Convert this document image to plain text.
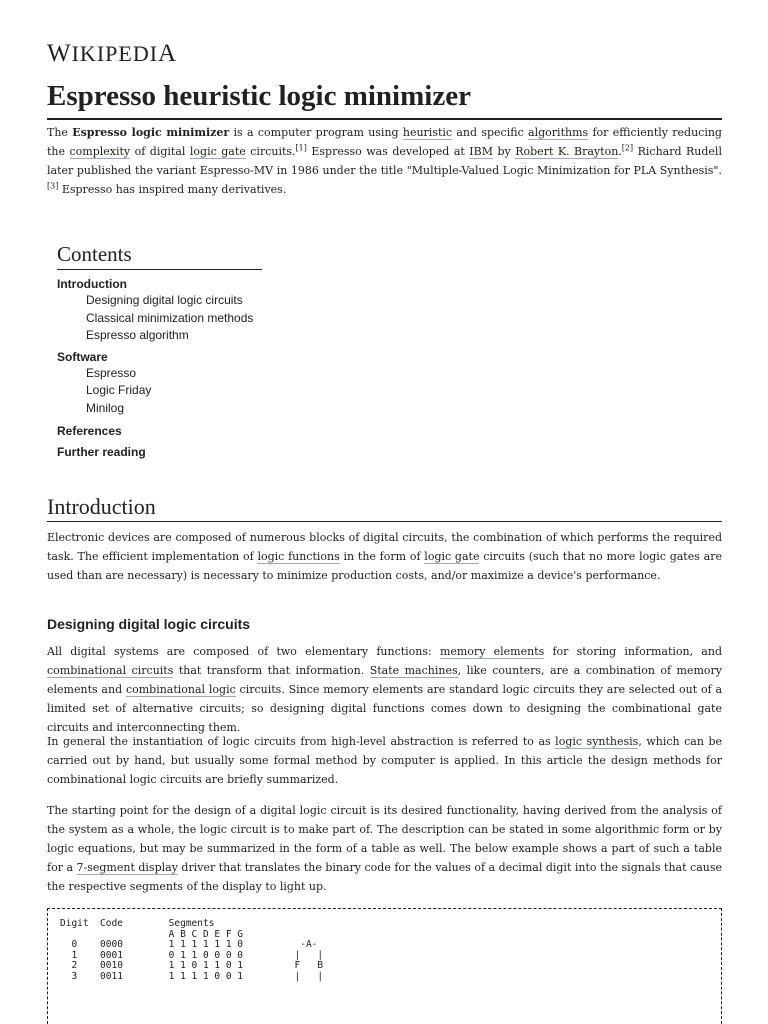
WIKIPEDIA
Espresso heuristic logic minimizer

The Espresso logic minimizer is a computer program using heuristic and specific algorithms for efficiently reducing the complexity of digital logic gate circuits.[1] Espresso was developed at IBM by Robert K. Brayton.[2] Richard Rudell later published the variant Espresso-MV in 1986 under the title "Multiple-Valued Logic Minimization for PLA Synthesis".[3] Espresso has inspired many derivatives.

Contents
Introduction
Designing digital logic circuits
Classical minimization methods
Espresso algorithm
Software
Espresso
Logic Friday
Minilog
References
Further reading
Introduction

Electronic devices are composed of numerous blocks of digital circuits, the combination of which performs the required task. The efficient implementation of logic functions in the form of logic gate circuits (such that no more logic gates are used than are necessary) is necessary to minimize production costs, and/or maximize a device's performance.

Designing digital logic circuits

All digital systems are composed of two elementary functions: memory elements for storing information, and combinational circuits that transform that information. State machines, like counters, are a combination of memory elements and combinational logic circuits. Since memory elements are standard logic circuits they are selected out of a limited set of alternative circuits; so designing digital functions comes down to designing the combinational gate circuits and interconnecting them.

In general the instantiation of logic circuits from high-level abstraction is referred to as logic synthesis, which can be carried out by hand, but usually some formal method by computer is applied. In this article the design methods for combinational logic circuits are briefly summarized.

The starting point for the design of a digital logic circuit is its desired functionality, having derived from the analysis of the system as a whole, the logic circuit is to make part of. The description can be stated in some algorithmic form or by logic equations, but may be summarized in the form of a table as well. The below example shows a part of such a table for a 7-segment display driver that translates the binary code for the values of a decimal digit into the signals that cause the respective segments of the display to light up.

Digit  Code        Segments
A B C D E F G
0    0000        1 1 1 1 1 1 0          -A-
1    0001        0 1 1 0 0 0 0         |   |
2    0010        1 1 0 1 1 0 1         F   B
3    0011        1 1 1 1 0 0 1         |   |
